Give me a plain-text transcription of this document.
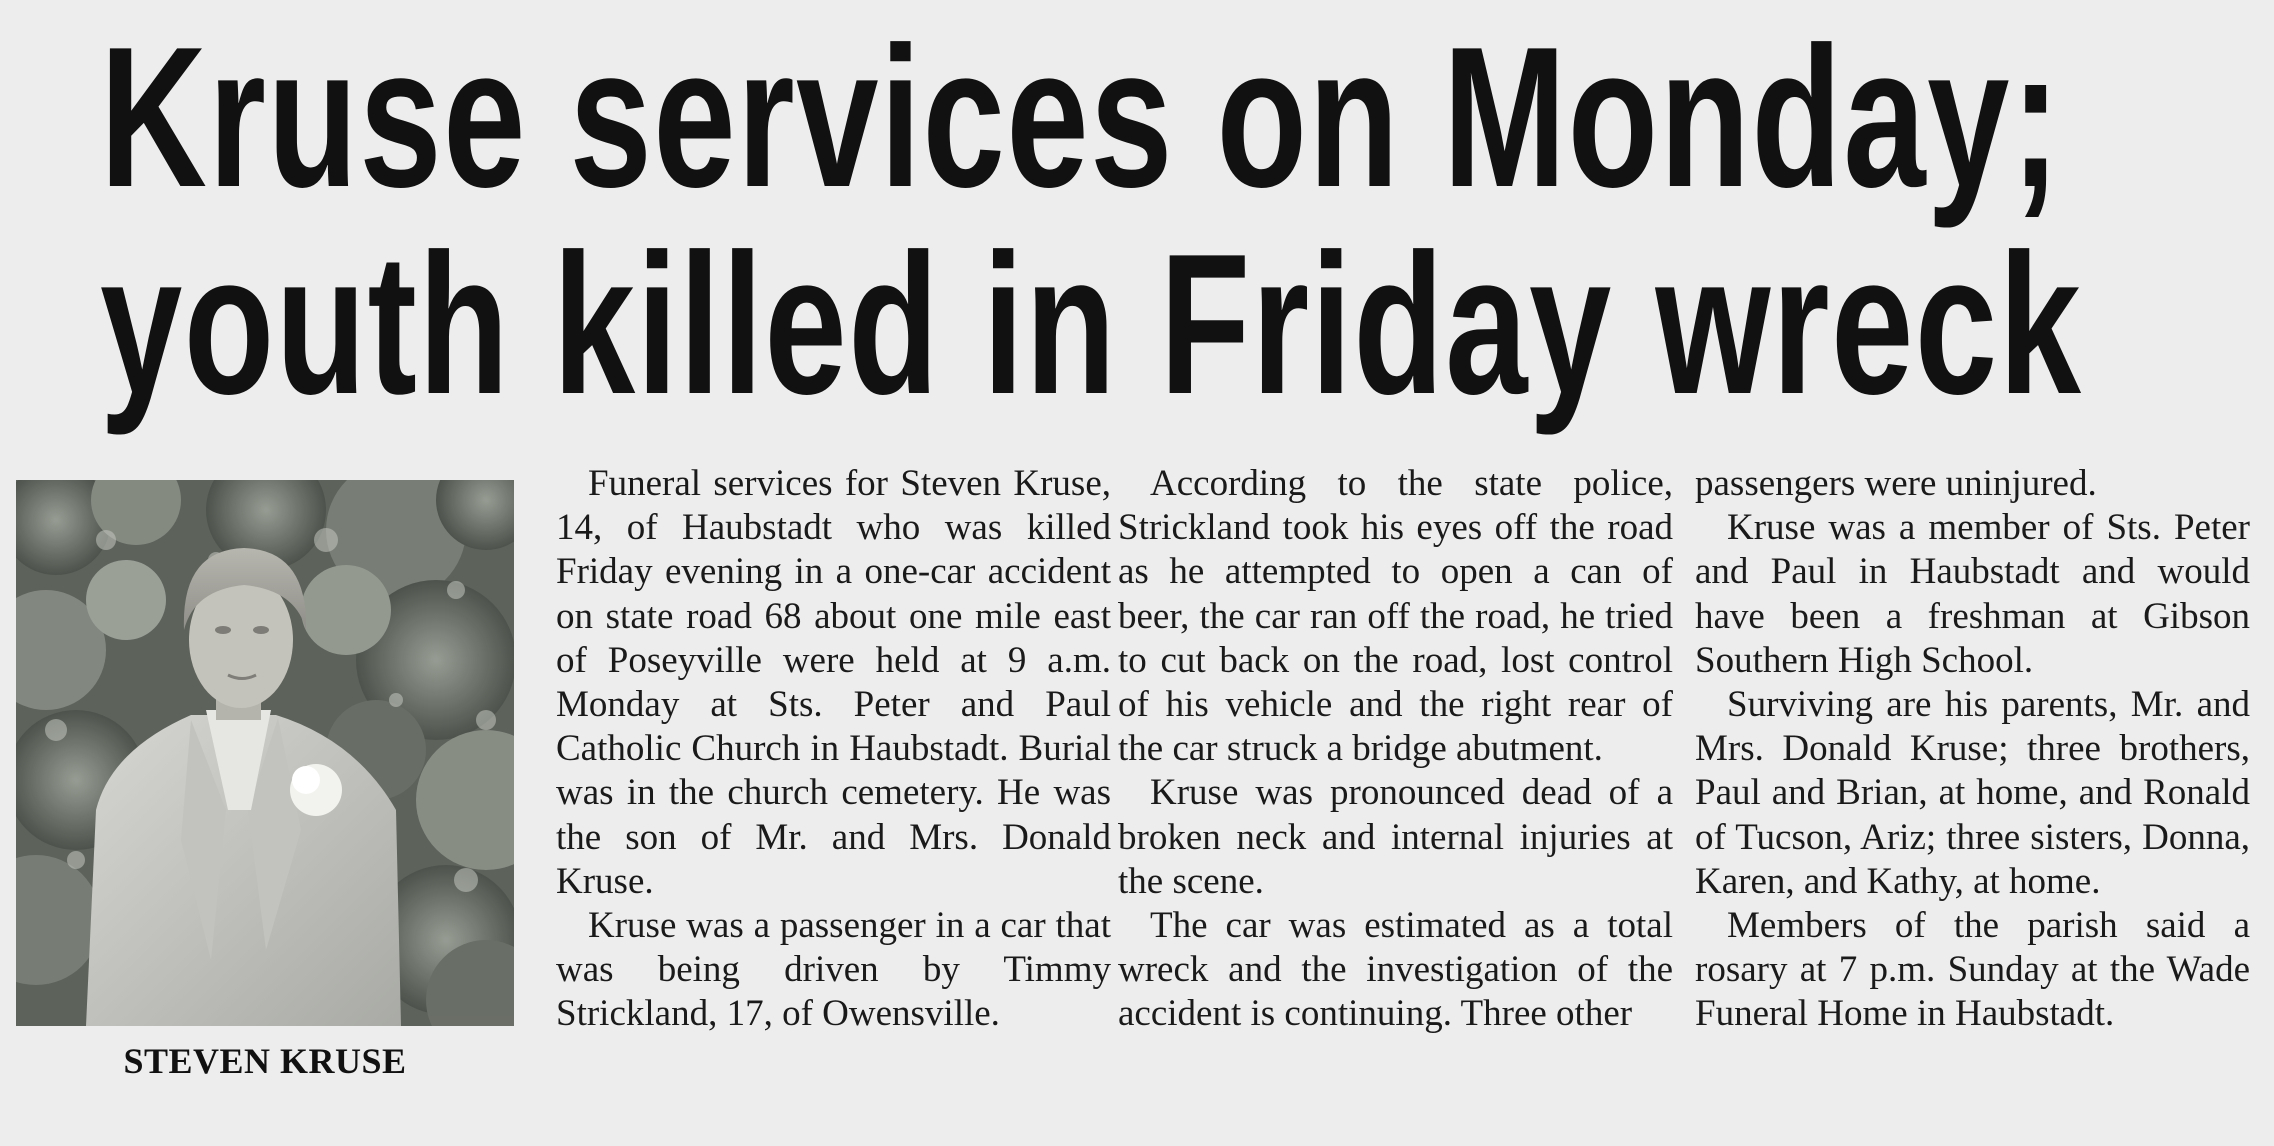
Kruse services on Monday;
youth killed in Friday wreck
STEVEN KRUSE

Funeral services for Steven Kruse, 14, of Haubstadt who was killed Friday evening in a one-car accident on state road 68 about one mile east of Poseyville were held at 9 a.m. Monday at Sts. Peter and Paul Catholic Church in Haubstadt. Burial was in the church cemetery. He was the son of Mr. and Mrs. Donald Kruse.

Kruse was a passenger in a car that was being driven by Timmy Strickland, 17, of Owensville.

According to the state police, Strickland took his eyes off the road as he attempted to open a can of beer, the car ran off the road, he tried to cut back on the road, lost control of his vehicle and the right rear of the car struck a bridge abutment.

Kruse was pronounced dead of a broken neck and internal injuries at the scene.

The car was estimated as a total wreck and the investigation of the accident is continuing. Three other

passengers were uninjured.

Kruse was a member of Sts. Peter and Paul in Haubstadt and would have been a freshman at Gibson Southern High School.

Surviving are his parents, Mr. and Mrs. Donald Kruse; three brothers, Paul and Brian, at home, and Ronald of Tucson, Ariz; three sisters, Donna, Karen, and Kathy, at home.

Members of the parish said a rosary at 7 p.m. Sunday at the Wade Funeral Home in Haubstadt.
